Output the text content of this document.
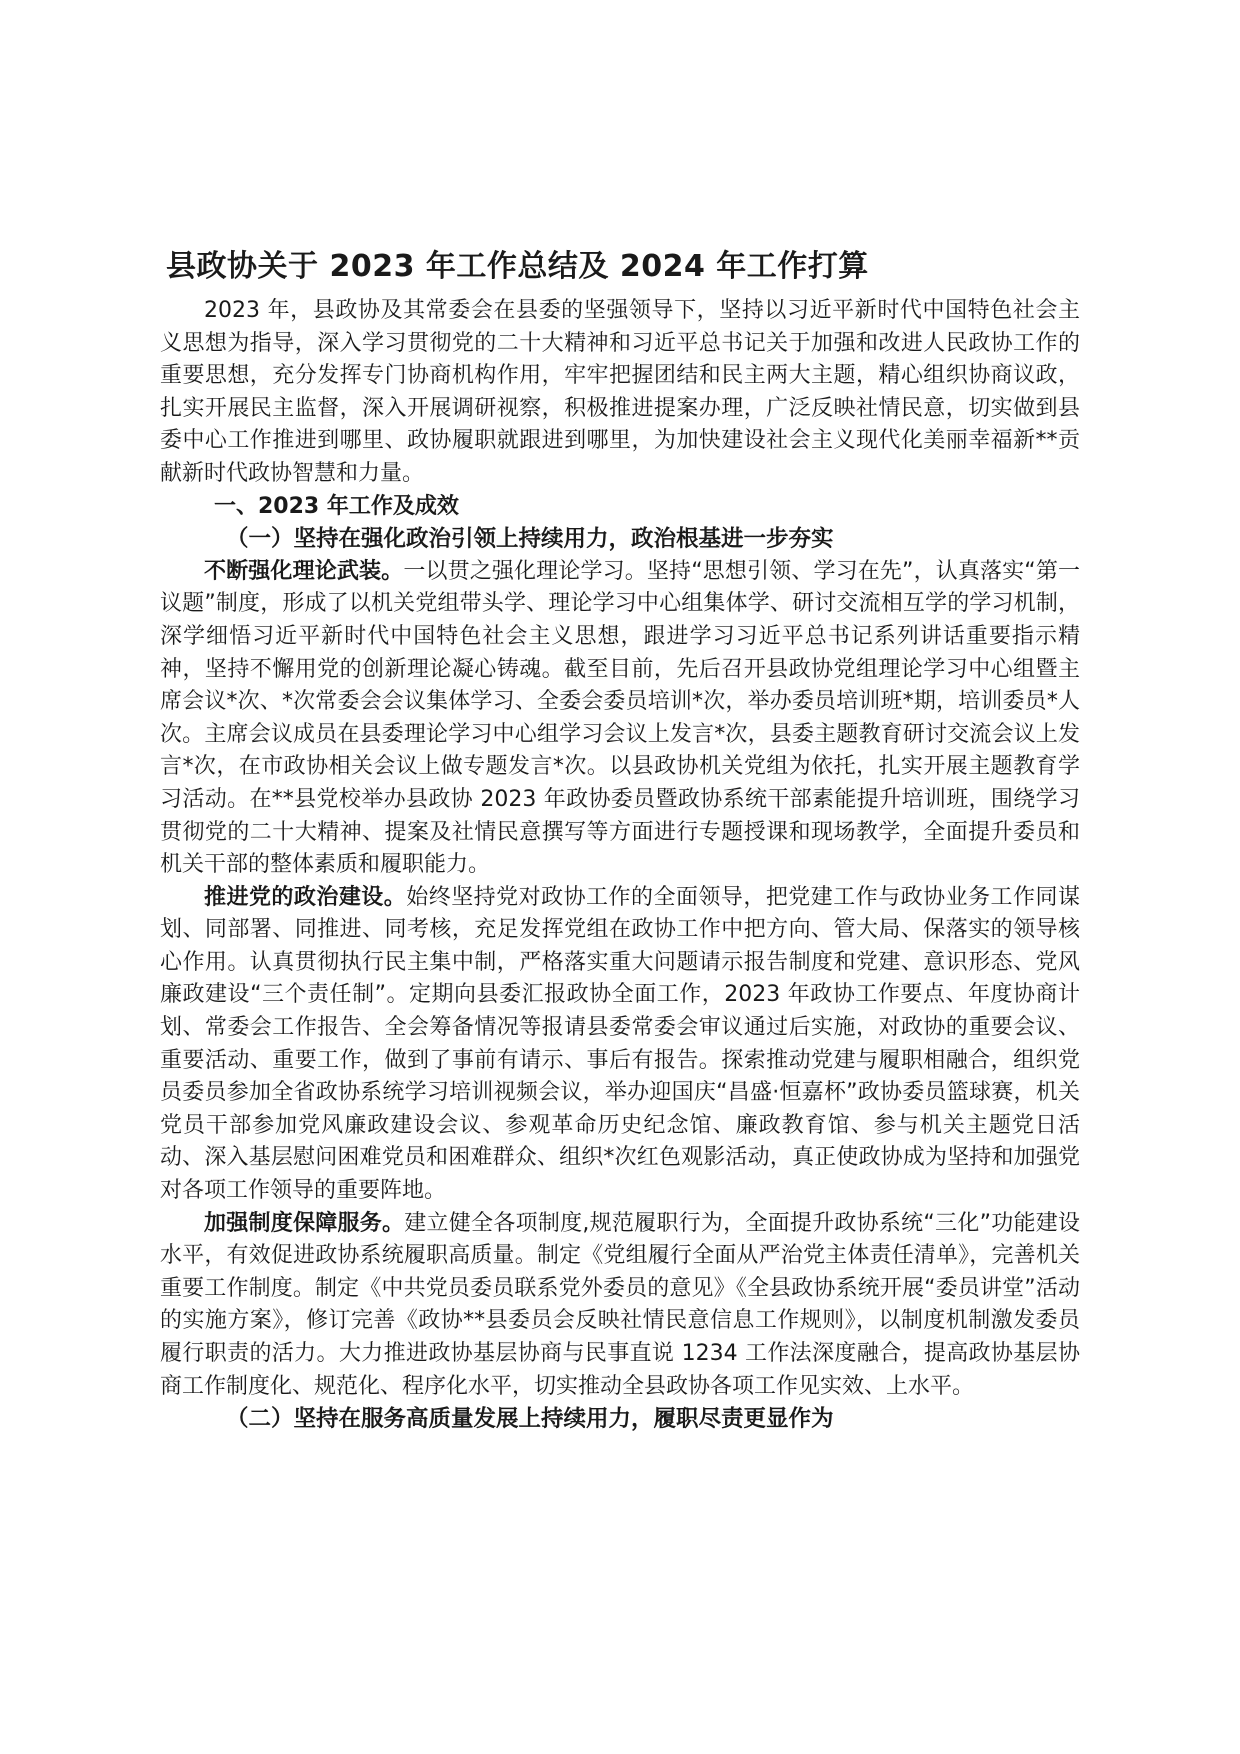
县政协关于 2023 年工作总结及 2024 年工作打算

2023 年，县政协及其常委会在县委的坚强领导下，坚持以习近平新时代中国特色社会主义思想为指导，深入学习贯彻党的二十大精神和习近平总书记关于加强和改进人民政协工作的重要思想，充分发挥专门协商机构作用，牢牢把握团结和民主两大主题，精心组织协商议政，扎实开展民主监督，深入开展调研视察，积极推进提案办理，广泛反映社情民意，切实做到县委中心工作推进到哪里、政协履职就跟进到哪里，为加快建设社会主义现代化美丽幸福新**贡献新时代政协智慧和力量。

一、2023 年工作及成效

（一）坚持在强化政治引领上持续用力，政治根基进一步夯实

不断强化理论武装。一以贯之强化理论学习。坚持“思想引领、学习在先”，认真落实“第一议题”制度，形成了以机关党组带头学、理论学习中心组集体学、研讨交流相互学的学习机制，深学细悟习近平新时代中国特色社会主义思想，跟进学习习近平总书记系列讲话重要指示精神，坚持不懈用党的创新理论凝心铸魂。截至目前，先后召开县政协党组理论学习中心组暨主席会议*次、*次常委会会议集体学习、全委会委员培训*次，举办委员培训班*期，培训委员*人次。主席会议成员在县委理论学习中心组学习会议上发言*次，县委主题教育研讨交流会议上发言*次，在市政协相关会议上做专题发言*次。以县政协机关党组为依托，扎实开展主题教育学习活动。在**县党校举办县政协 2023 年政协委员暨政协系统干部素能提升培训班，围绕学习贯彻党的二十大精神、提案及社情民意撰写等方面进行专题授课和现场教学，全面提升委员和机关干部的整体素质和履职能力。

推进党的政治建设。始终坚持党对政协工作的全面领导，把党建工作与政协业务工作同谋划、同部署、同推进、同考核，充足发挥党组在政协工作中把方向、管大局、保落实的领导核心作用。认真贯彻执行民主集中制，严格落实重大问题请示报告制度和党建、意识形态、党风廉政建设“三个责任制”。定期向县委汇报政协全面工作，2023 年政协工作要点、年度协商计划、常委会工作报告、全会筹备情况等报请县委常委会审议通过后实施，对政协的重要会议、重要活动、重要工作，做到了事前有请示、事后有报告。探索推动党建与履职相融合，组织党员委员参加全省政协系统学习培训视频会议，举办迎国庆“昌盛·恒嘉杯”政协委员篮球赛，机关党员干部参加党风廉政建设会议、参观革命历史纪念馆、廉政教育馆、参与机关主题党日活动、深入基层慰问困难党员和困难群众、组织*次红色观影活动，真正使政协成为坚持和加强党对各项工作领导的重要阵地。

加强制度保障服务。建立健全各项制度,规范履职行为，全面提升政协系统“三化”功能建设水平，有效促进政协系统履职高质量。制定《党组履行全面从严治党主体责任清单》，完善机关重要工作制度。制定《中共党员委员联系党外委员的意见》《全县政协系统开展“委员讲堂”活动的实施方案》，修订完善《政协**县委员会反映社情民意信息工作规则》，以制度机制激发委员履行职责的活力。大力推进政协基层协商与民事直说 1234 工作法深度融合，提高政协基层协商工作制度化、规范化、程序化水平，切实推动全县政协各项工作见实效、上水平。

（二）坚持在服务高质量发展上持续用力，履职尽责更显作为
